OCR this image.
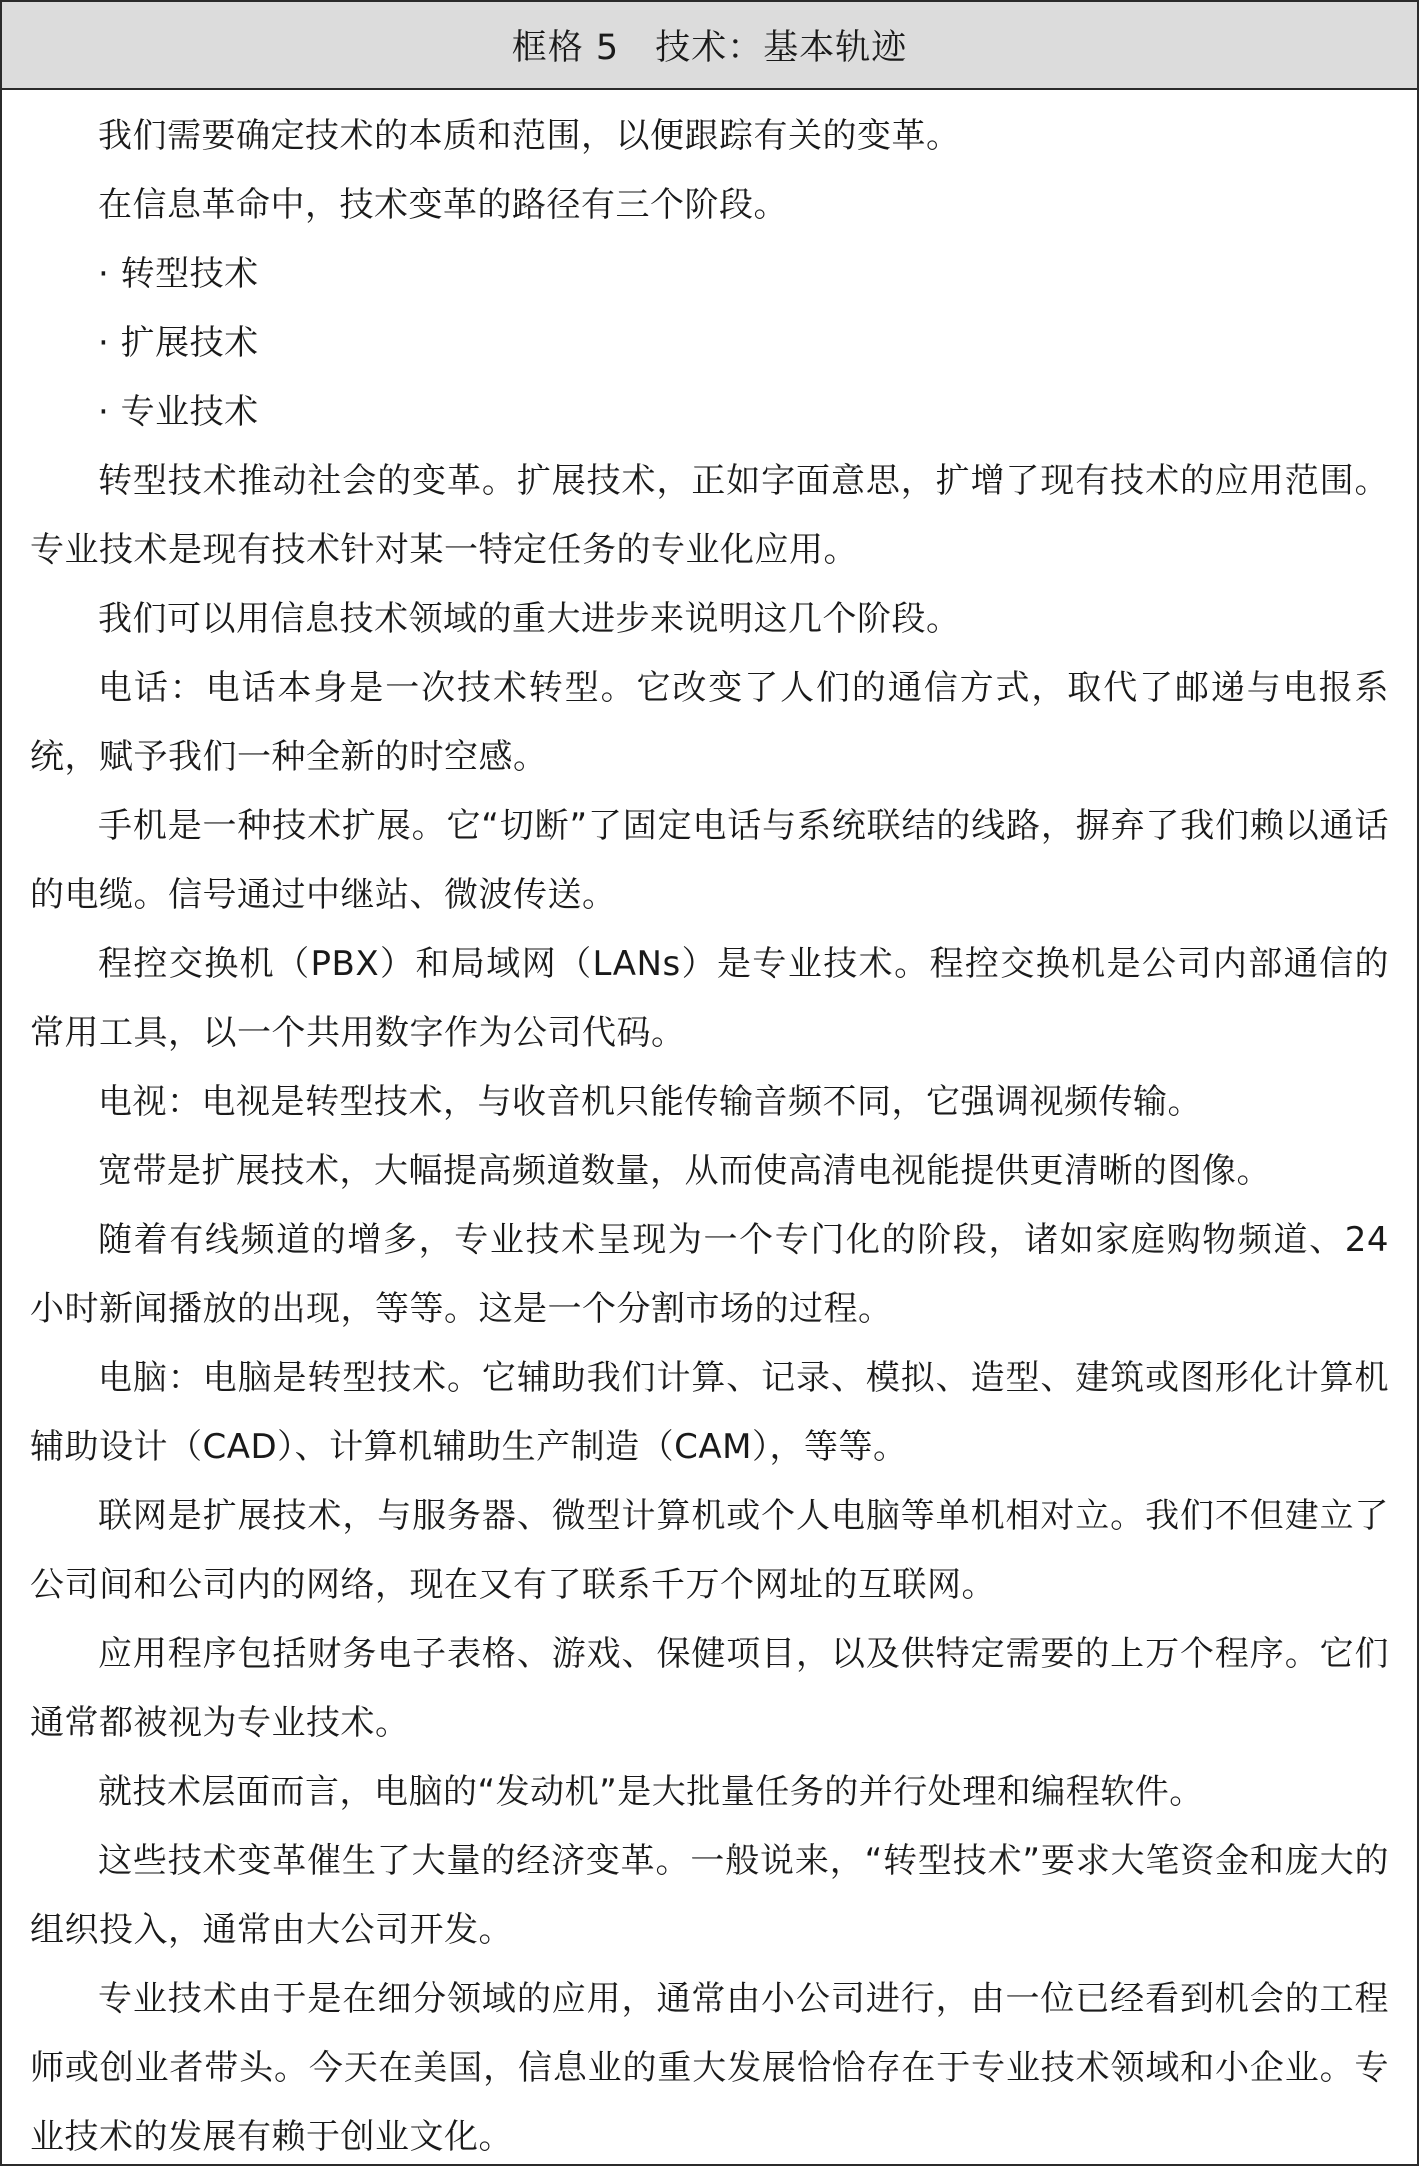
框格 5　技术：基本轨迹

我们需要确定技术的本质和范围，以便跟踪有关的变革。

在信息革命中，技术变革的路径有三个阶段。

· 转型技术

· 扩展技术

· 专业技术

转型技术推动社会的变革。扩展技术，正如字面意思，扩增了现有技术的应用范围。专业技术是现有技术针对某一特定任务的专业化应用。

我们可以用信息技术领域的重大进步来说明这几个阶段。

电话：电话本身是一次技术转型。它改变了人们的通信方式，取代了邮递与电报系统，赋予我们一种全新的时空感。

手机是一种技术扩展。它“切断”了固定电话与系统联结的线路，摒弃了我们赖以通话的电缆。信号通过中继站、微波传送。

程控交换机（PBX）和局域网（LANs）是专业技术。程控交换机是公司内部通信的常用工具，以一个共用数字作为公司代码。

电视：电视是转型技术，与收音机只能传输音频不同，它强调视频传输。

宽带是扩展技术，大幅提高频道数量，从而使高清电视能提供更清晰的图像。

随着有线频道的增多，专业技术呈现为一个专门化的阶段，诸如家庭购物频道、24 小时新闻播放的出现，等等。这是一个分割市场的过程。

电脑：电脑是转型技术。它辅助我们计算、记录、模拟、造型、建筑或图形化计算机辅助设计（CAD）、计算机辅助生产制造（CAM），等等。

联网是扩展技术，与服务器、微型计算机或个人电脑等单机相对立。我们不但建立了公司间和公司内的网络，现在又有了联系千万个网址的互联网。

应用程序包括财务电子表格、游戏、保健项目，以及供特定需要的上万个程序。它们通常都被视为专业技术。

就技术层面而言，电脑的“发动机”是大批量任务的并行处理和编程软件。

这些技术变革催生了大量的经济变革。一般说来，“转型技术”要求大笔资金和庞大的组织投入，通常由大公司开发。

专业技术由于是在细分领域的应用，通常由小公司进行，由一位已经看到机会的工程师或创业者带头。今天在美国，信息业的重大发展恰恰存在于专业技术领域和小企业。专业技术的发展有赖于创业文化。
